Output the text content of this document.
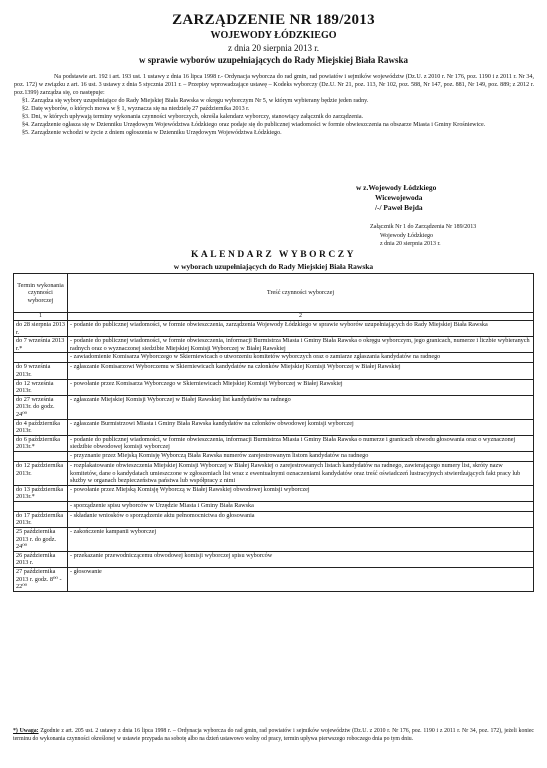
ZARZĄDZENIE NR 189/2013
WOJEWODY ŁÓDZKIEGO
z dnia 20 sierpnia 2013 r.
w sprawie wyborów uzupełniających do Rady Miejskiej Biała Rawska

Na podstawie art. 192 i art. 193 ust. 1 ustawy z dnia 16 lipca 1998 r.- Ordynacja wyborcza do rad gmin, rad powiatów i sejmików województw (Dz.U. z 2010 r. Nr 176, poz. 1190 i z 2011 r. Nr 34, poz. 172) w związku z art. 16 ust. 3 ustawy z dnia 5 stycznia 2011 r. – Przepisy wprowadzające ustawę – Kodeks wyborczy (Dz.U. Nr 21, poz. 113, Nr 102, poz. 588, Nr 147, poz. 881, Nr 149, poz. 889; z 2012 r. poz.1399) zarządza się, co następuje:

§1. Zarządza się wybory uzupełniające do Rady Miejskiej Biała Rawska w okręgu wyborczym Nr 5, w którym wybierany będzie jeden radny.

§2. Datę wyborów, o których mowa w § 1, wyznacza się na niedzielę 27 października 2013 r.

§3. Dni, w których upływają terminy wykonania czynności wyborczych, określa kalendarz wyborczy, stanowiący załącznik do zarządzenia.

§4. Zarządzenie ogłasza się w Dzienniku Urzędowym Województwa Łódzkiego oraz podaje się do publicznej wiadomości w formie obwieszczenia na obszarze Miasta i Gminy Krośniewice.

§5. Zarządzenie wchodzi w życie z dniem ogłoszenia w Dzienniku Urzędowym Województwa Łódzkiego.

w z.Wojewody Łódzkiego
Wicewojewoda
/-/ Paweł Bejda
Załącznik Nr 1 do Zarządzenia Nr 189/2013
Wojewody Łódzkiego
z dnia 20 sierpnia 2013 r.
KALENDARZ WYBORCZY
w wyborach uzupełniających do Rady Miejskiej Biała Rawska
Termin wykonania czynności wyborczej	Treść czynności wyborczej
1	2
do 28 sierpnia 2013 r.	- podanie do publicznej wiadomości, w formie obwieszczenia, zarządzenia Wojewody Łódzkiego w sprawie wyborów uzupełniających do Rady Miejskiej Biała Rawska
do 7 września 2013 r.*	- podanie do publicznej wiadomości, w formie obwieszczenia, informacji Burmistrza Miasta i Gminy Biała Rawska o okręgu wyborczym, jego granicach, numerze i liczbie wybieranych radnych oraz o wyznaczonej siedzibie Miejskiej Komisji Wyborczej w Białej Rawskiej
	- zawiadomienie Komisarza Wyborczego w Skierniewicach o utworzeniu komitetów wyborczych oraz o zamiarze zgłaszania kandydatów na radnego
do 9 września 2013r.	- zgłaszanie Komisarzowi Wyborczemu w Skierniewicach kandydatów na członków Miejskiej Komisji Wyborczej w Białej Rawskiej
do 12 września 2013r.	- powołanie przez Komisarza Wyborczego w Skierniewicach Miejskiej Komisji Wyborczej w Białej Rawskiej
do 27 września 2013r. do godz. 24⁰⁰	- zgłaszanie Miejskiej Komisji Wyborczej w Białej Rawskiej list kandydatów na radnego
do 4 października 2013r.	- zgłaszanie Burmistrzowi Miasta i Gminy Biała Rawska kandydatów na członków obwodowej komisji wyborczej
do 6 października 2013r.*	- podanie do publicznej wiadomości, w formie obwieszczenia, informacji Burmistrza Miasta i Gminy Biała Rawska o numerze i granicach obwodu głosowania oraz o wyznaczonej siedzibie obwodowej komisji wyborczej
	- przyznanie przez Miejską Komisję Wyborczą Biała Rawska numerów zarejestrowanym listom kandydatów na radnego
do 12 października 2013r.	- rozplakatowanie obwieszczenia Miejskiej Komisji Wyborczej w Białej Rawskiej o zarejestrowanych listach kandydatów na radnego, zawierającego numery list, skróty nazw komitetów, dane o kandydatach umieszczone w zgłoszeniach list wraz z ewentualnymi oznaczeniami kandydatów oraz treść oświadczeń lustracyjnych stwierdzających fakt pracy lub służby w organach bezpieczeństwa państwa lub współpracy z nimi
do 13 października 2013r.*	- powołanie przez Miejską Komisję Wyborczą w Białej Rawskiej obwodowej komisji wyborczej
	- sporządzenie spisu wyborców w Urzędzie Miasta i Gminy Biała Rawska
do 17 października 2013r.	- składanie wniosków o sporządzenie aktu pełnomocnictwa do głosowania
25 października 2013 r. do godz. 24⁰⁰	- zakończenie kampanii wyborczej
26 października 2013 r.	- przekazanie przewodniczącemu obwodowej komisji wyborczej spisu wyborców
27 października 2013 r. godz. 8⁰⁰ - 22⁰⁰	- głosowanie
*) Uwaga: Zgodnie z art. 205 ust. 2 ustawy z dnia 16 lipca 1998 r. – Ordynacja wyborcza do rad gmin, rad powiatów i sejmików województw (Dz.U. z 2010 r. Nr 176, poz. 1190 i z 2011 r. Nr 34, poz. 172), jeżeli koniec terminu do wykonania czynności określonej w ustawie przypada na sobotę albo na dzień ustawowo wolny od pracy, termin upływa pierwszego roboczego dnia po tym dniu.
